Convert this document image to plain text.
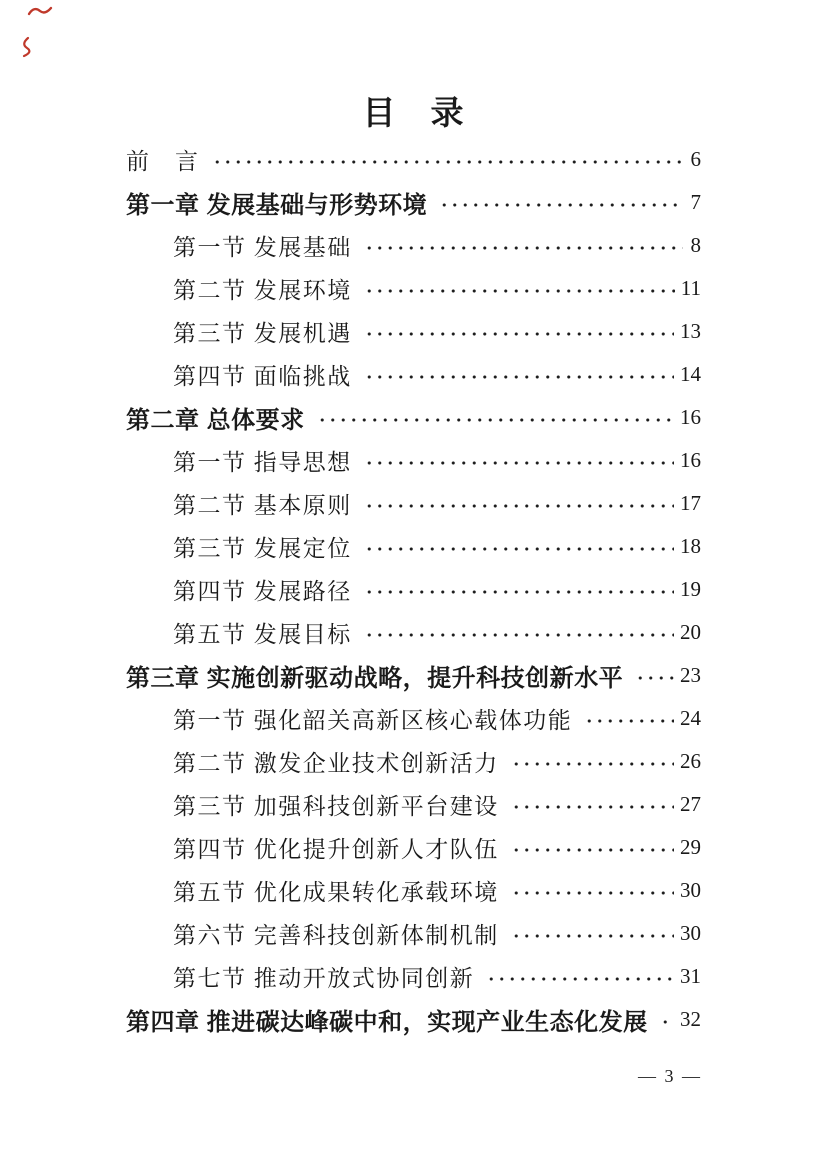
目　录
前　言	6
第一章 发展基础与形势环境	7
第一节 发展基础	8
第二节 发展环境	11
第三节 发展机遇	13
第四节 面临挑战	14
第二章 总体要求	16
第一节 指导思想	16
第二节 基本原则	17
第三节 发展定位	18
第四节 发展路径	19
第五节 发展目标	20
第三章 实施创新驱动战略，提升科技创新水平	23
第一节 强化韶关高新区核心载体功能	24
第二节 激发企业技术创新活力	26
第三节 加强科技创新平台建设	27
第四节 优化提升创新人才队伍	29
第五节 优化成果转化承载环境	30
第六节 完善科技创新体制机制	30
第七节 推动开放式协同创新	31
第四章 推进碳达峰碳中和，实现产业生态化发展 32
— 3 —
